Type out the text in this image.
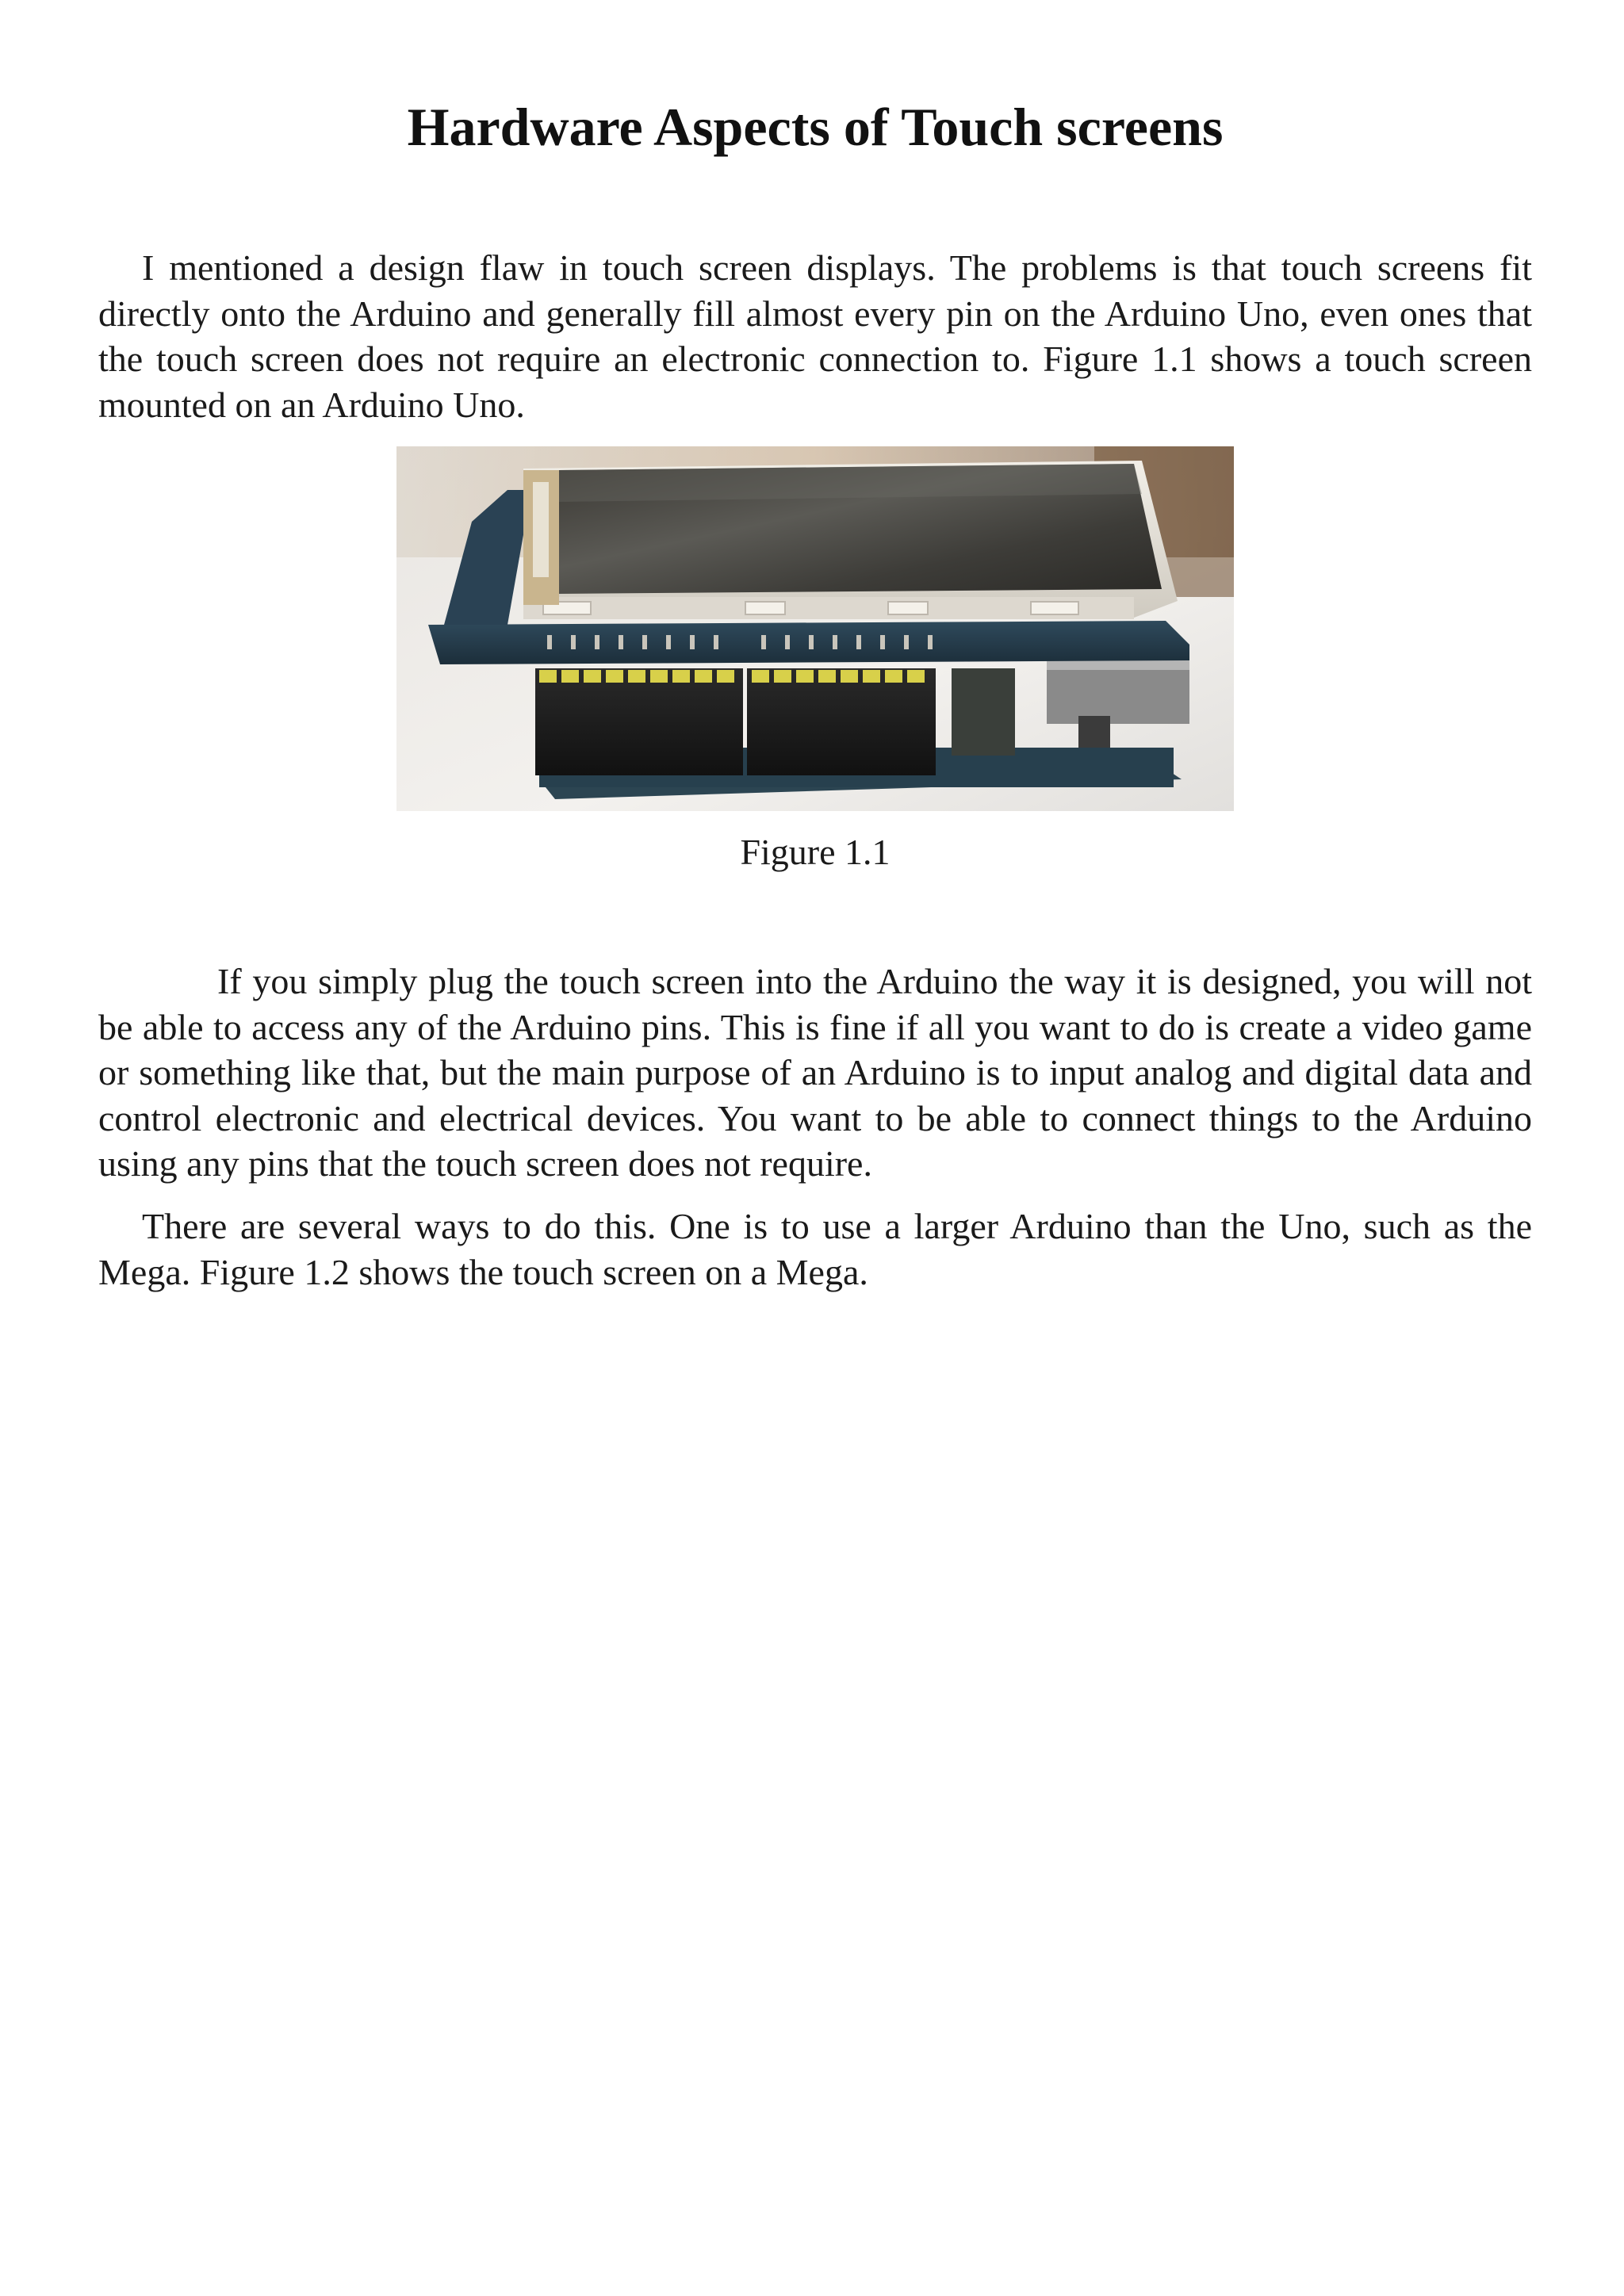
Hardware Aspects of Touch screens

I mentioned a design flaw in touch screen displays. The problems is that touch screens fit directly onto the Arduino and generally fill almost every pin on the Arduino Uno, even ones that the touch screen does not require an electronic connection to. Figure 1.1 shows a touch screen mounted on an Arduino Uno.

Figure 1.1

If you simply plug the touch screen into the Arduino the way it is designed, you will not be able to access any of the Arduino pins. This is fine if all you want to do is create a video game or something like that, but the main purpose of an Arduino is to input analog and digital data and control electronic and electrical devices. You want to be able to connect things to the Arduino using any pins that the touch screen does not require.

There are several ways to do this. One is to use a larger Arduino than the Uno, such as the Mega. Figure 1.2 shows the touch screen on a Mega.
